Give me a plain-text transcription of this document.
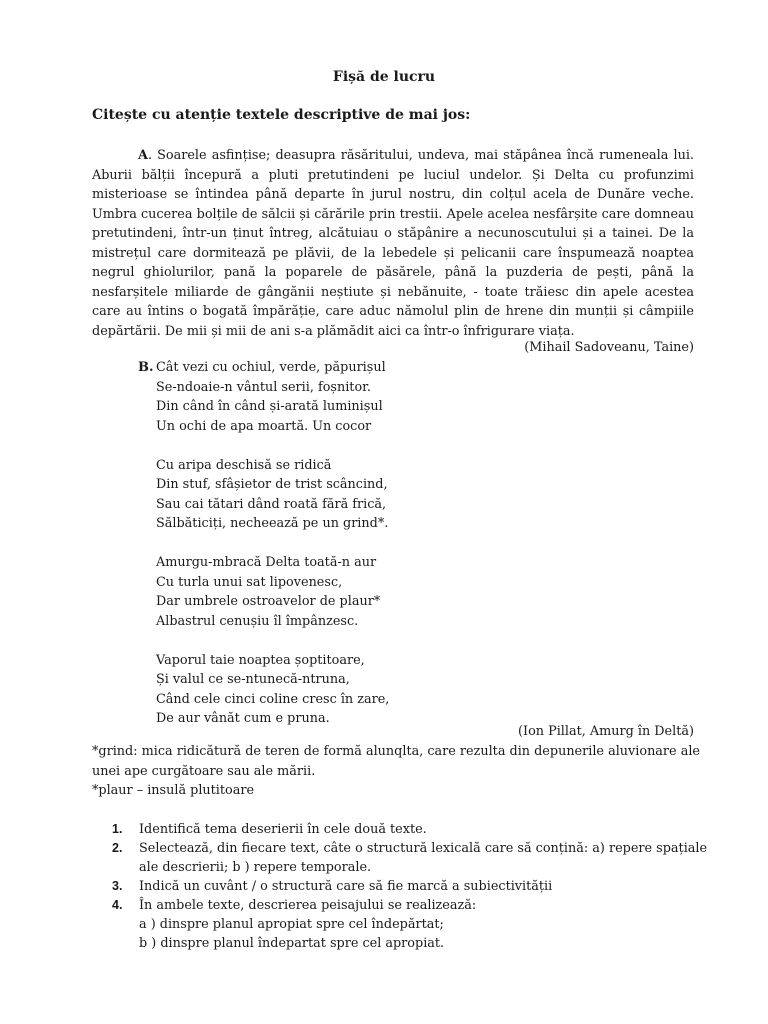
Fișă de lucru
Citește cu atenție textele descriptive de mai jos:

A. Soarele asfințise; deasupra răsăritului, undeva, mai stăpânea încă rumeneala lui. Aburii bălții începură a pluti pretutindeni pe luciul undelor. Și Delta cu profunzimi misterioase se întindea până departe în jurul nostru, din colțul acela de Dunăre veche. Umbra cucerea bolțile de sălcii și cărările prin trestii. Apele acelea nesfârșite care domneau pretutindeni, într-un ținut întreg, alcătuiau o stăpânire a necunoscutului și a tainei. De la mistrețul care dormitează pe plăvii, de la lebedele și pelicanii care înspumează noaptea negrul ghiolurilor, pană la poparele de păsărele, până la puzderia de pești, până la nesfarșitele miliarde de gângănii neștiute și nebănuite, - toate trăiesc din apele acestea care au întins o bogată împărăție, care aduc nămolul plin de hrene din munții și câmpiile depărtării. De mii și mii de ani s-a plămădit aici ca într-o înfrigurare viața.

(Mihail Sadoveanu, Taine)
B. Cât vezi cu ochiul, verde, păpurișul
Se-ndoaie-n vântul serii, foșnitor.
Din când în când și-arată luminișul
Un ochi de apa moartă. Un cocor
Cu aripa deschisă se ridică
Din stuf, sfâșietor de trist scâncind,
Sau cai tătari dând roată fără frică,
Sălbăticiți, necheează pe un grind*.
Amurgu-mbracă Delta toată-n aur
Cu turla unui sat lipovenesc,
Dar umbrele ostroavelor de plaur*
Albastrul cenușiu îl împânzesc.
Vaporul taie noaptea șoptitoare,
Și valul ce se-ntunecă-ntruna,
Când cele cinci coline cresc în zare,
De aur vânăt cum e pruna.
(Ion Pillat, Amurg în Deltă)

*grind: mica ridicătură de teren de formă alunqlta, care rezulta din depunerile aluvionare ale unei ape curgătoare sau ale mării.

*plaur – insulă plutitoare

1. Identifică tema deserierii în cele două texte.
2. Selectează, din fiecare text, câte o structură lexicală care să conțină: a) repere spațiale ale descrierii; b ) repere temporale.
3. Indică un cuvânt / o structură care să fie marcă a subiectivității
4. În ambele texte, descrierea peisajului se realizează:
a ) dinspre planul apropiat spre cel îndepărtat;
b ) dinspre planul îndepartat spre cel apropiat.
